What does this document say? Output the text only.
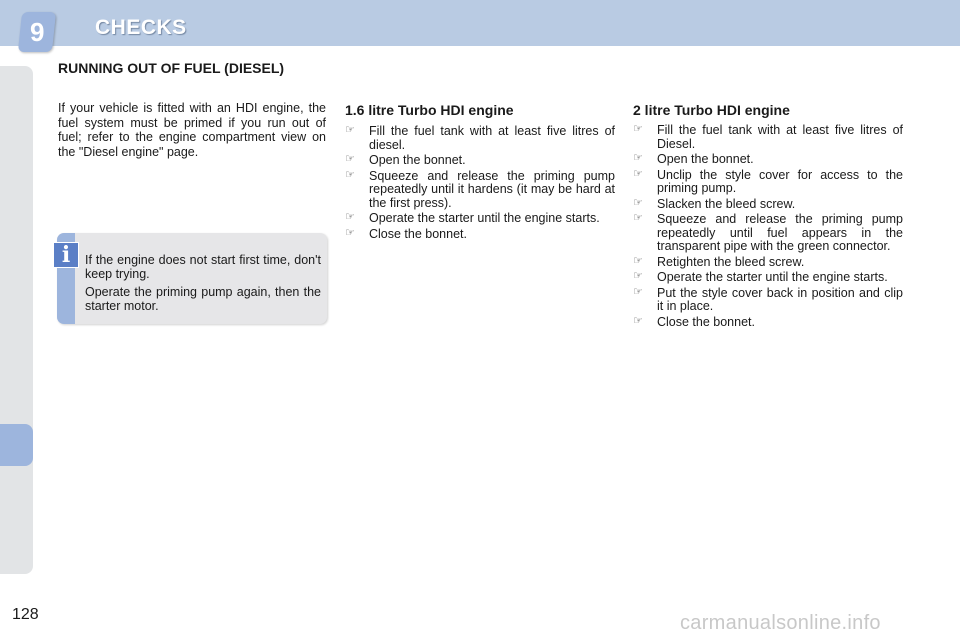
9 CHECKS
RUNNING OUT OF FUEL (DIESEL)

If your vehicle is fitted with an HDI engine, the fuel system must be primed if you run out of fuel; refer to the engine compartment view on the "Diesel engine" page.

i	If the engine does not start first time, don't keep trying.

Operate the priming pump again, then the starter motor.

1.6 litre Turbo HDI engine
☞ Fill the fuel tank with at least five litres of diesel.
☞ Open the bonnet.
☞ Squeeze and release the priming pump repeatedly until it hardens (it may be hard at the first press).
☞ Operate the starter until the engine starts.
☞ Close the bonnet.
2 litre Turbo HDI engine
☞ Fill the fuel tank with at least five litres of Diesel.
☞ Open the bonnet.
☞ Unclip the style cover for access to the priming pump.
☞ Slacken the bleed screw.
☞ Squeeze and release the priming pump repeatedly until fuel appears in the transparent pipe with the green connector.
☞ Retighten the bleed screw.
☞ Operate the starter until the engine starts.
☞ Put the style cover back in position and clip it in place.
☞ Close the bonnet.
128	carmanualsonline.info
